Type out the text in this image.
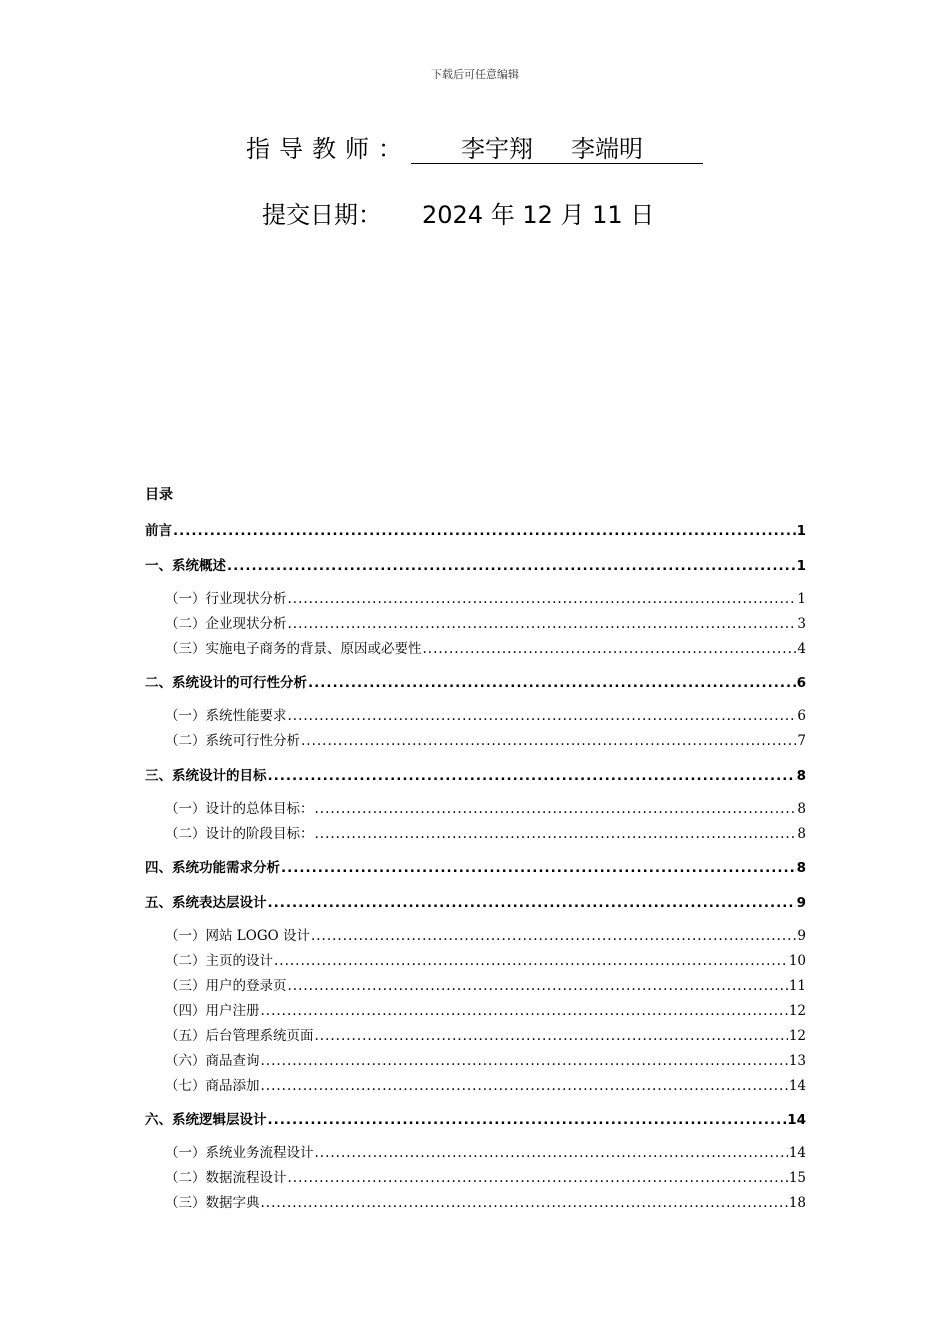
下载后可任意编辑
指导教师：	李宇翔 李端明
提交日期： 2024 年 12 月 11 日
目录
前言 .....	1
一、系统概述 .....	1
（一）行业现状分析 .....	1
（二）企业现状分析 .....	3
（三）实施电子商务的背景、原因或必要性 .....	4
二、系统设计的可行性分析 .....	6
（一）系统性能要求 .....	6
（二）系统可行性分析 .....	7
三、系统设计的目标 .....	8
（一）设计的总体目标： .....	8
（二）设计的阶段目标： .....	8
四、系统功能需求分析 .....	8
五、系统表达层设计 .....	9
（一）网站 LOGO 设计 .....	9
（二）主页的设计 .....	10
（三）用户的登录页 .....	11
（四）用户注册 .....	12
（五）后台管理系统页面 .....	12
（六）商品查询 .....	13
（七）商品添加 .....	14
六、系统逻辑层设计 .....	14
（一）系统业务流程设计 .....	14
（二）数据流程设计 .....	15
（三）数据字典 .....	18
